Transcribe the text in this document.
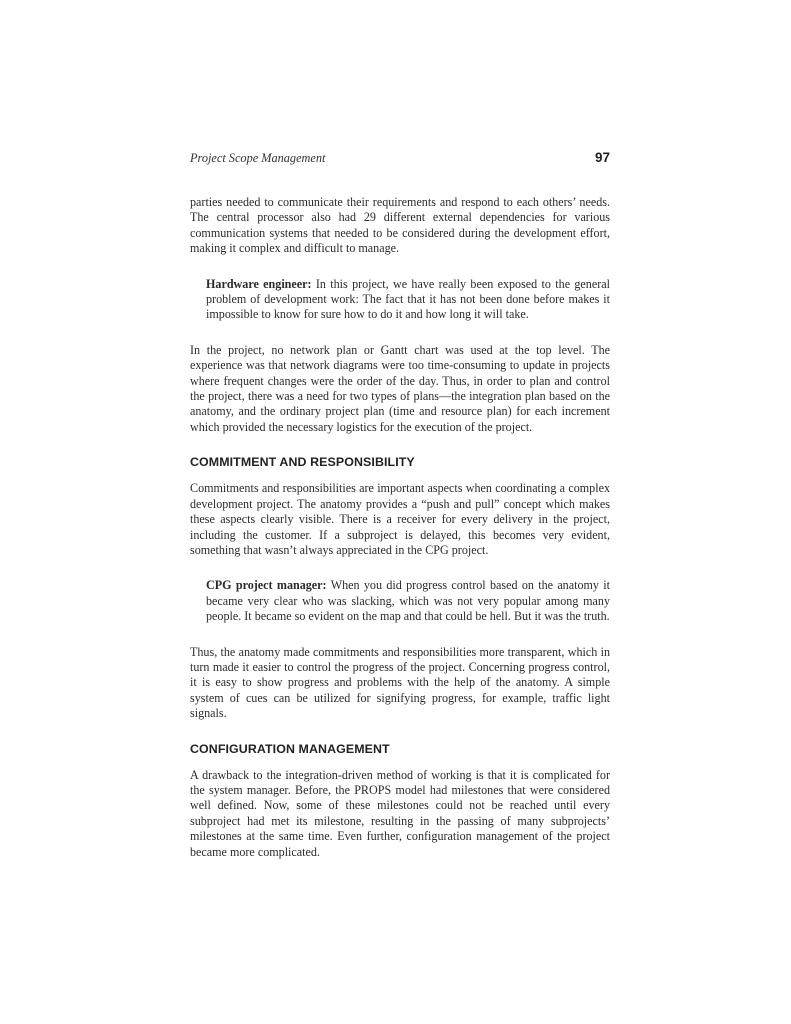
Project Scope Management	97

parties needed to communicate their requirements and respond to each others’ needs. The central processor also had 29 different external dependencies for various communication systems that needed to be considered during the development effort, making it complex and difficult to manage.

Hardware engineer: In this project, we have really been exposed to the general problem of development work: The fact that it has not been done before makes it impossible to know for sure how to do it and how long it will take.

In the project, no network plan or Gantt chart was used at the top level. The experience was that network diagrams were too time-consuming to update in projects where frequent changes were the order of the day. Thus, in order to plan and control the project, there was a need for two types of plans—the integration plan based on the anatomy, and the ordinary project plan (time and resource plan) for each increment which provided the necessary logistics for the execution of the project.

COMMITMENT AND RESPONSIBILITY

Commitments and responsibilities are important aspects when coordinating a complex development project. The anatomy provides a “push and pull” concept which makes these aspects clearly visible. There is a receiver for every delivery in the project, including the customer. If a subproject is delayed, this becomes very evident, something that wasn’t always appreciated in the CPG project.

CPG project manager: When you did progress control based on the anatomy it became very clear who was slacking, which was not very popular among many people. It became so evident on the map and that could be hell. But it was the truth.

Thus, the anatomy made commitments and responsibilities more transparent, which in turn made it easier to control the progress of the project. Concerning progress control, it is easy to show progress and problems with the help of the anatomy. A simple system of cues can be utilized for signifying progress, for example, traffic light signals.

CONFIGURATION MANAGEMENT

A drawback to the integration-driven method of working is that it is complicated for the system manager. Before, the PROPS model had milestones that were considered well defined. Now, some of these milestones could not be reached until every subproject had met its milestone, resulting in the passing of many subprojects’ milestones at the same time. Even further, configuration management of the project became more complicated.
